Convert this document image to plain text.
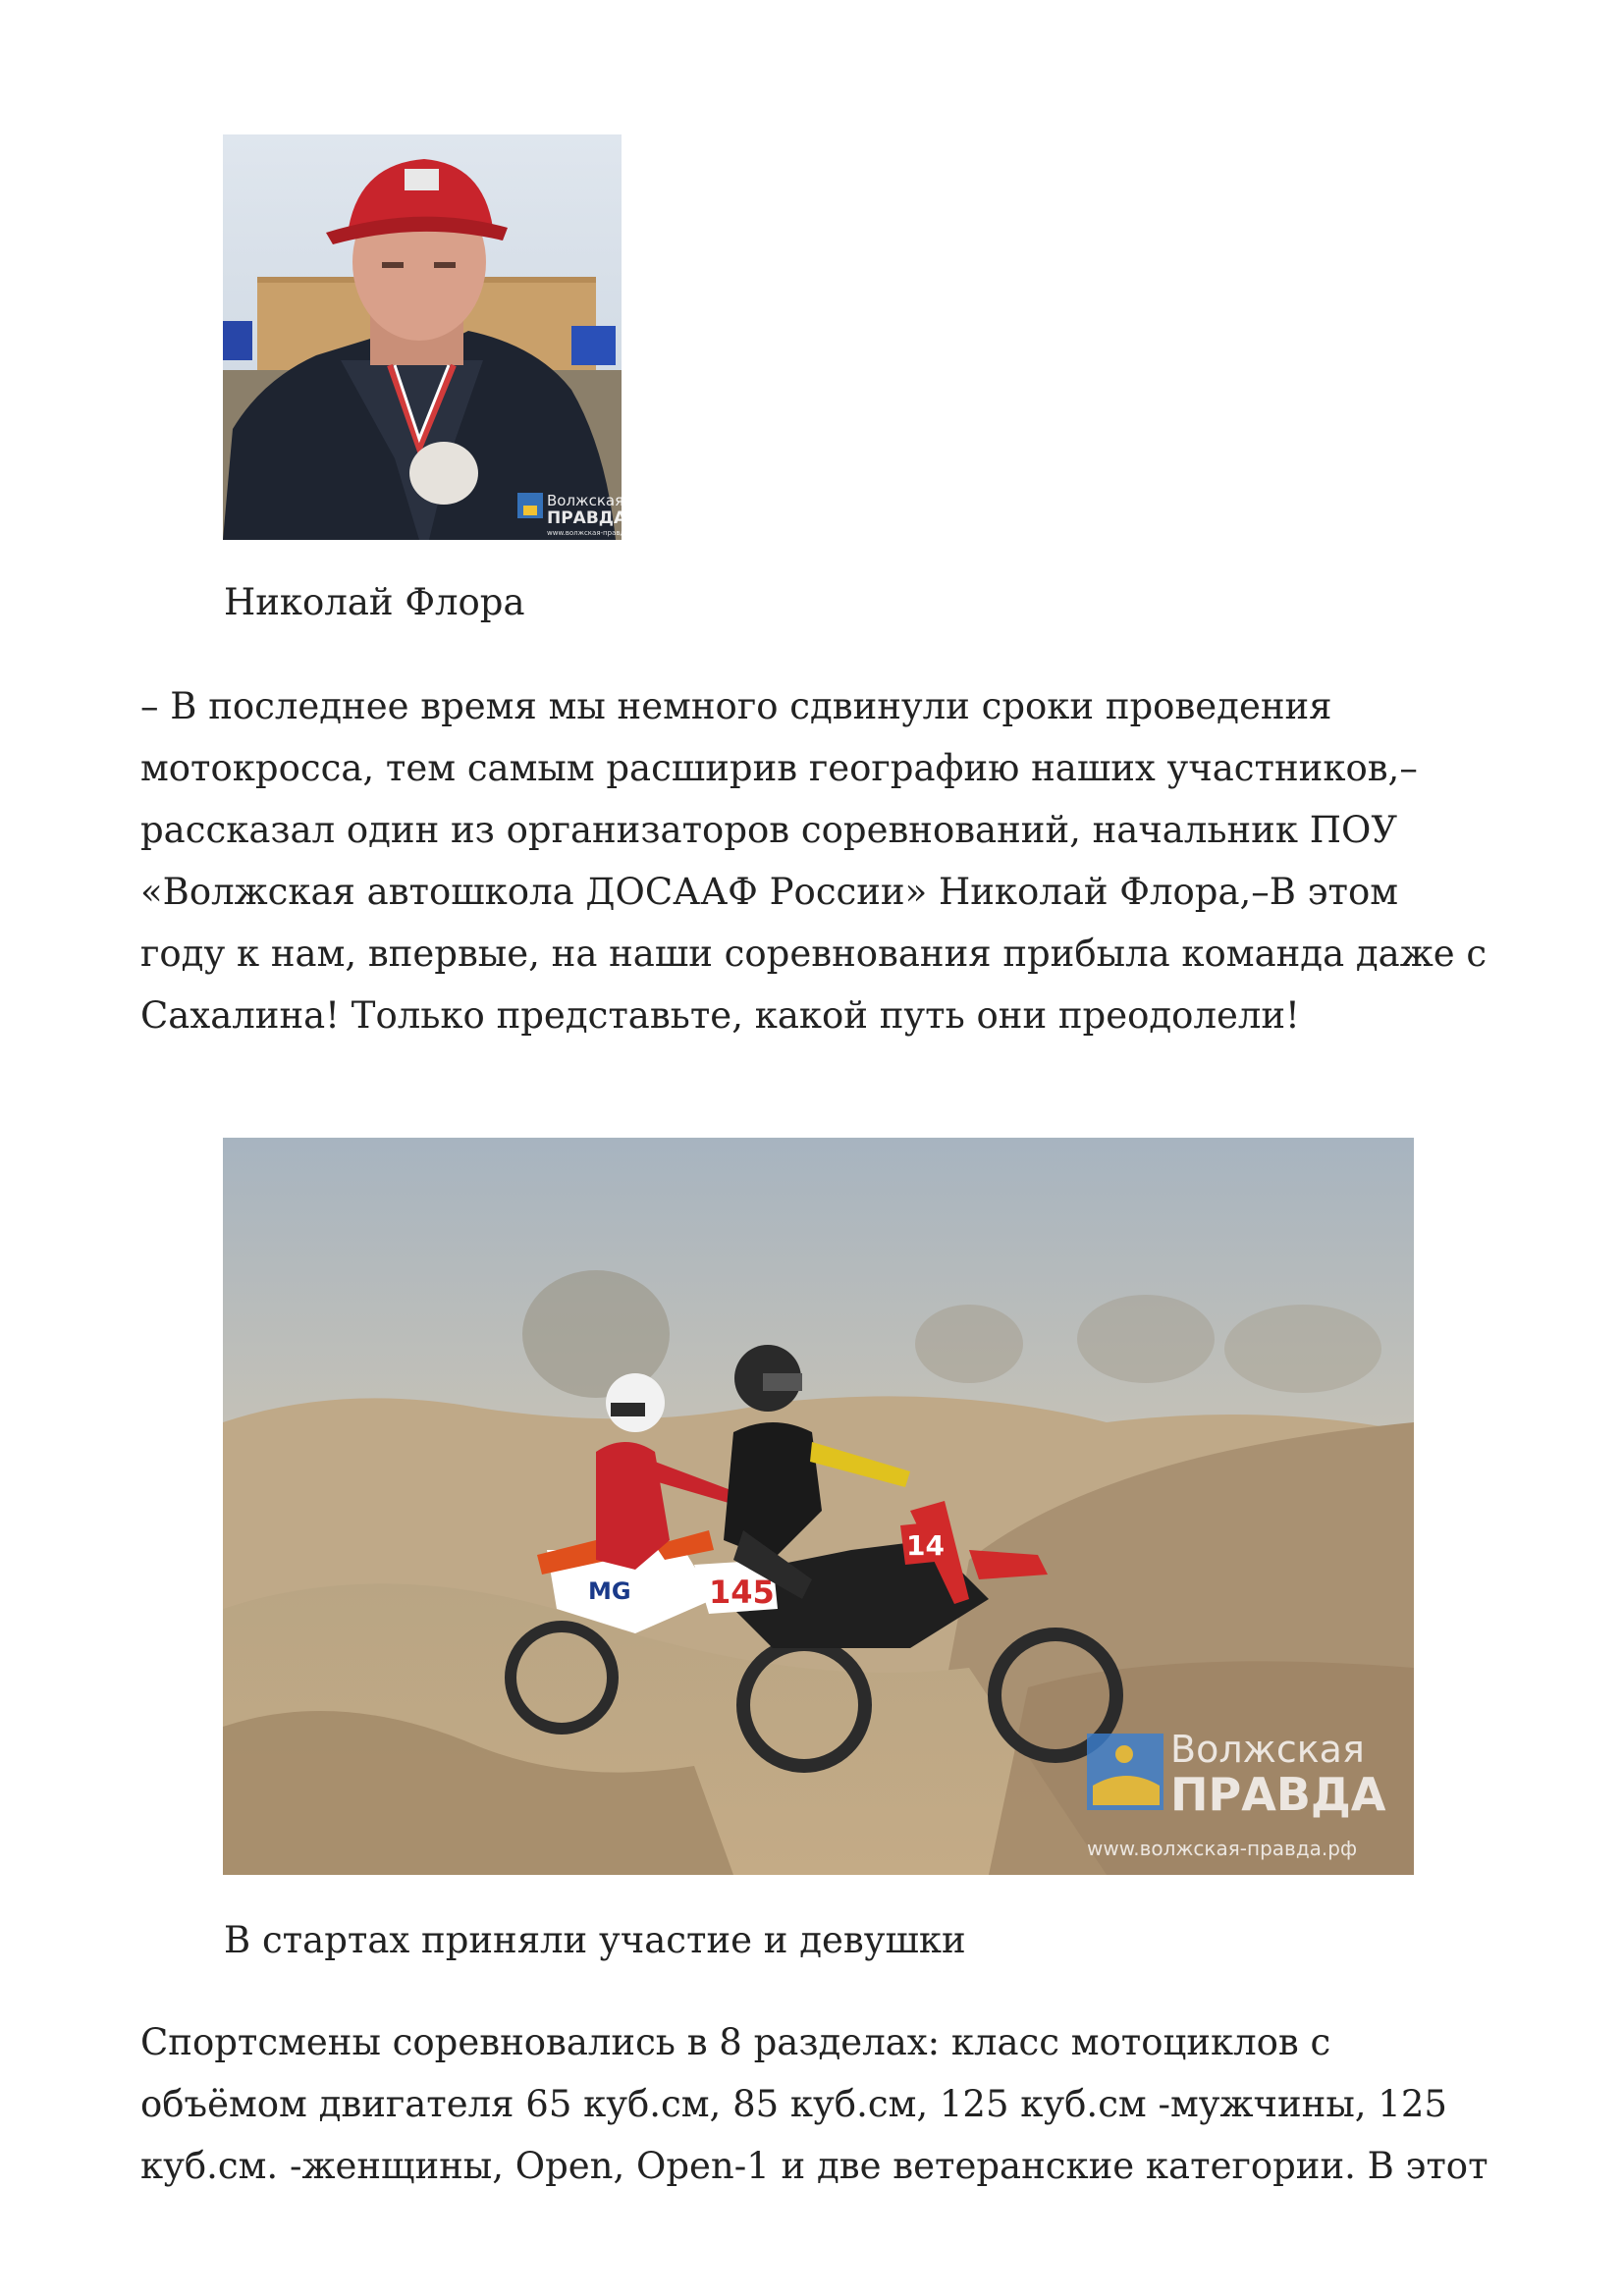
Волжская
ПРАВДА
www.волжская-правда.рф
Николай Флора
– В последнее время мы немного сдвинули сроки проведения
мотокросса, тем самым расширив географию наших участников,–
рассказал один из организаторов соревнований, начальник ПОУ
«Волжская автошкола ДОСААФ России» Николай Флора,–В этом
году к нам, впервые, на наши соревнования прибыла команда даже с
Сахалина! Только представьте, какой путь они преодолели!
MG 145
14
Волжская
ПРАВДА
www.волжская-правда.рф
В стартах приняли участие и девушки
Спортсмены соревновались в 8 разделах: класс мотоциклов с
объёмом двигателя 65 куб.см, 85 куб.см, 125 куб.см -мужчины, 125
куб.см. -женщины, Open, Open-1 и две ветеранские категории. В этот
